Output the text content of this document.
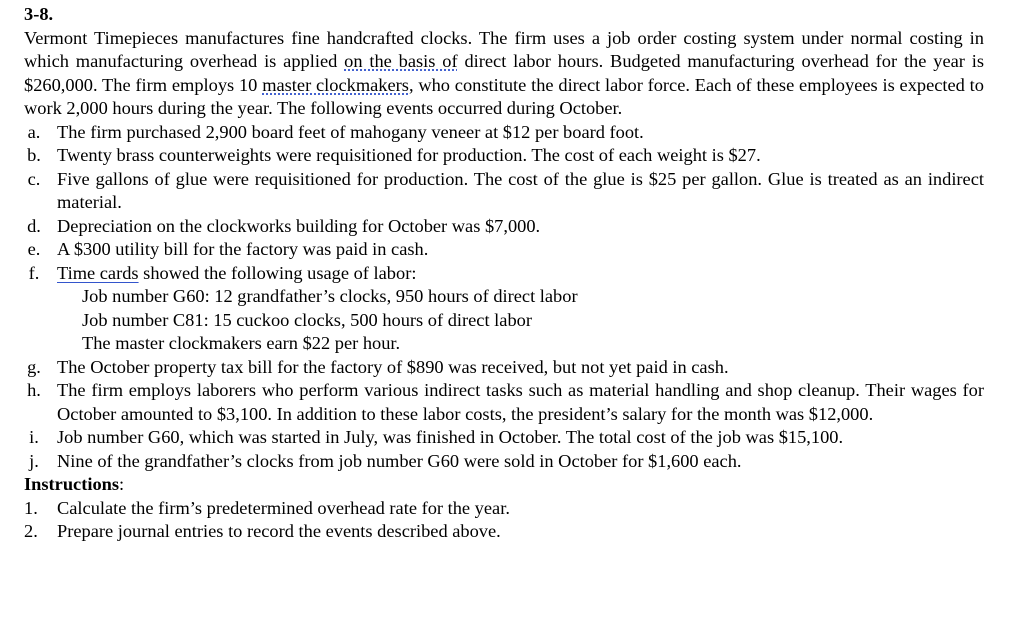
3-8.

Vermont Timepieces manufactures fine handcrafted clocks. The firm uses a job order costing system under normal costing in which manufacturing overhead is applied on the basis of direct labor hours. Budgeted manufacturing overhead for the year is $260,000. The firm employs 10 master clockmakers, who constitute the direct labor force. Each of these employees is expected to work 2,000 hours during the year. The following events occurred during October.

a. The firm purchased 2,900 board feet of mahogany veneer at $12 per board foot.
b. Twenty brass counterweights were requisitioned for production. The cost of each weight is $27.
c. Five gallons of glue were requisitioned for production. The cost of the glue is $25 per gallon. Glue is treated as an indirect material.
d. Depreciation on the clockworks building for October was $7,000.
e. A $300 utility bill for the factory was paid in cash.
f. Time cards showed the following usage of labor:
Job number G60: 12 grandfather’s clocks, 950 hours of direct labor
Job number C81: 15 cuckoo clocks, 500 hours of direct labor
The master clockmakers earn $22 per hour.
g. The October property tax bill for the factory of $890 was received, but not yet paid in cash.
h. The firm employs laborers who perform various indirect tasks such as material handling and shop cleanup. Their wages for October amounted to $3,100. In addition to these labor costs, the president’s salary for the month was $12,000.
i. Job number G60, which was started in July, was finished in October. The total cost of the job was $15,100.
j. Nine of the grandfather’s clocks from job number G60 were sold in October for $1,600 each.
Instructions:
1. Calculate the firm’s predetermined overhead rate for the year.
2. Prepare journal entries to record the events described above.
